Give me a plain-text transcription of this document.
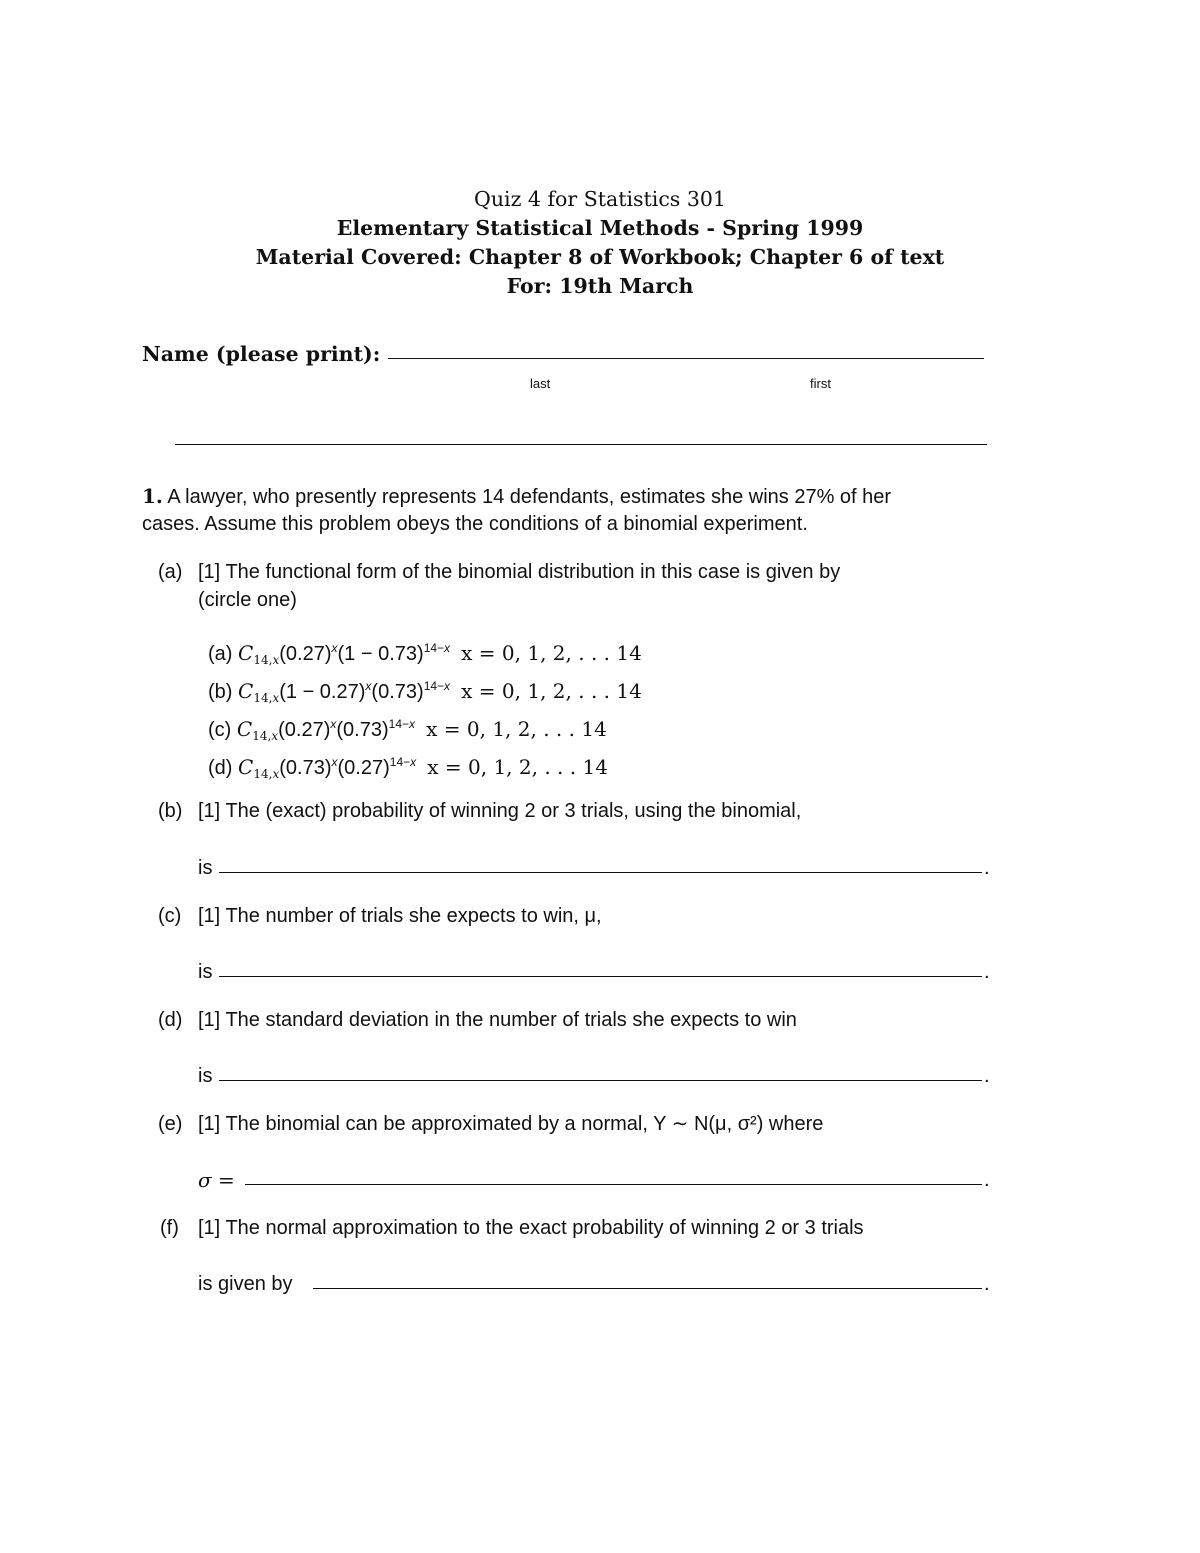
Quiz 4 for Statistics 301
Elementary Statistical Methods - Spring 1999
Material Covered: Chapter 8 of Workbook; Chapter 6 of text
For: 19th March
Name (please print):
last	first
1. A lawyer, who presently represents 14 defendants, estimates she wins 27% of her
cases. Assume this problem obeys the conditions of a binomial experiment.
(a) [1] The functional form of the binomial distribution in this case is given by
(circle one)
(a) $C_{14,x}(0.27)^x(1 - 0.73)^{14-x}$ x = 0, 1, 2, . . . 14
(b) $C_{14,x}(1 - 0.27)^x(0.73)^{14-x}$ x = 0, 1, 2, . . . 14
(c) $C_{14,x}(0.27)^x(0.73)^{14-x}$ x = 0, 1, 2, . . . 14
(d) $C_{14,x}(0.73)^x(0.27)^{14-x}$ x = 0, 1, 2, . . . 14
(b) [1] The (exact) probability of winning 2 or 3 trials, using the binomial,
is	.
(c) [1] The number of trials she expects to win, μ,
is	.
(d) [1] The standard deviation in the number of trials she expects to win
is	.
(e) [1] The binomial can be approximated by a normal, Y ∼ N(μ, σ²) where
σ =	.
(f) [1] The normal approximation to the exact probability of winning 2 or 3 trials
is given by	.
